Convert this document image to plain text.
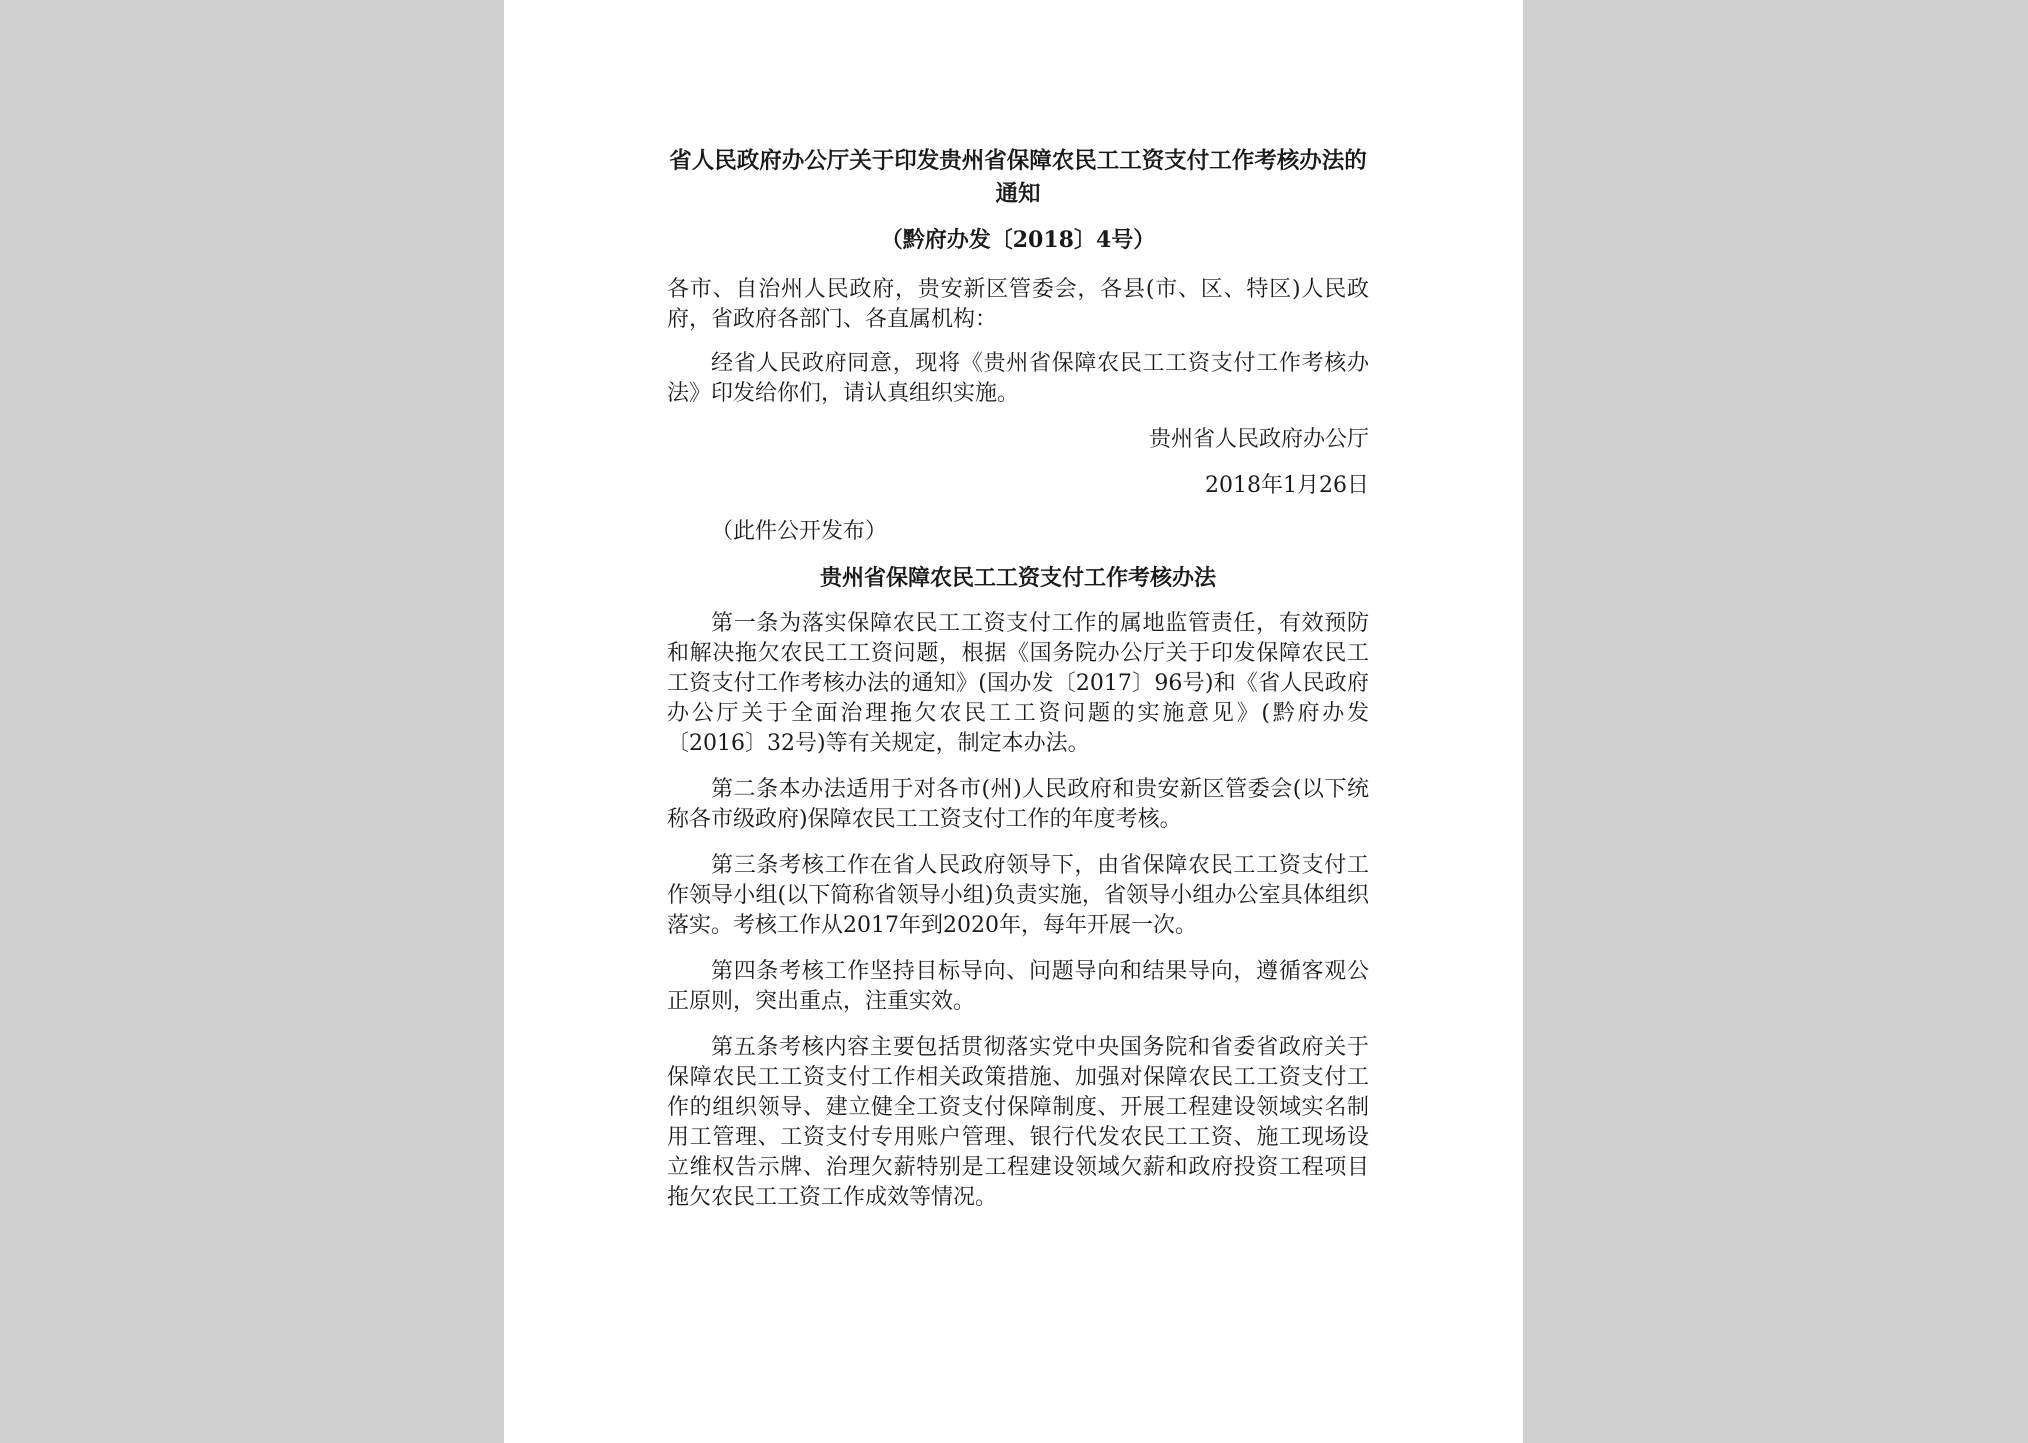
省人民政府办公厅关于印发贵州省保障农民工工资支付工作考核办法的通知

（黔府办发〔2018〕4号）

各市、自治州人民政府，贵安新区管委会，各县(市、区、特区)人民政府，省政府各部门、各直属机构：

经省人民政府同意，现将《贵州省保障农民工工资支付工作考核办法》印发给你们，请认真组织实施。

贵州省人民政府办公厅

2018年1月26日

（此件公开发布）

贵州省保障农民工工资支付工作考核办法

第一条为落实保障农民工工资支付工作的属地监管责任，有效预防和解决拖欠农民工工资问题，根据《国务院办公厅关于印发保障农民工工资支付工作考核办法的通知》(国办发〔2017〕96号)和《省人民政府办公厅关于全面治理拖欠农民工工资问题的实施意见》(黔府办发〔2016〕32号)等有关规定，制定本办法。

第二条本办法适用于对各市(州)人民政府和贵安新区管委会(以下统称各市级政府)保障农民工工资支付工作的年度考核。

第三条考核工作在省人民政府领导下，由省保障农民工工资支付工作领导小组(以下简称省领导小组)负责实施，省领导小组办公室具体组织落实。考核工作从2017年到2020年，每年开展一次。

第四条考核工作坚持目标导向、问题导向和结果导向，遵循客观公正原则，突出重点，注重实效。

第五条考核内容主要包括贯彻落实党中央国务院和省委省政府关于保障农民工工资支付工作相关政策措施、加强对保障农民工工资支付工作的组织领导、建立健全工资支付保障制度、开展工程建设领域实名制用工管理、工资支付专用账户管理、银行代发农民工工资、施工现场设立维权告示牌、治理欠薪特别是工程建设领域欠薪和政府投资工程项目拖欠农民工工资工作成效等情况。
